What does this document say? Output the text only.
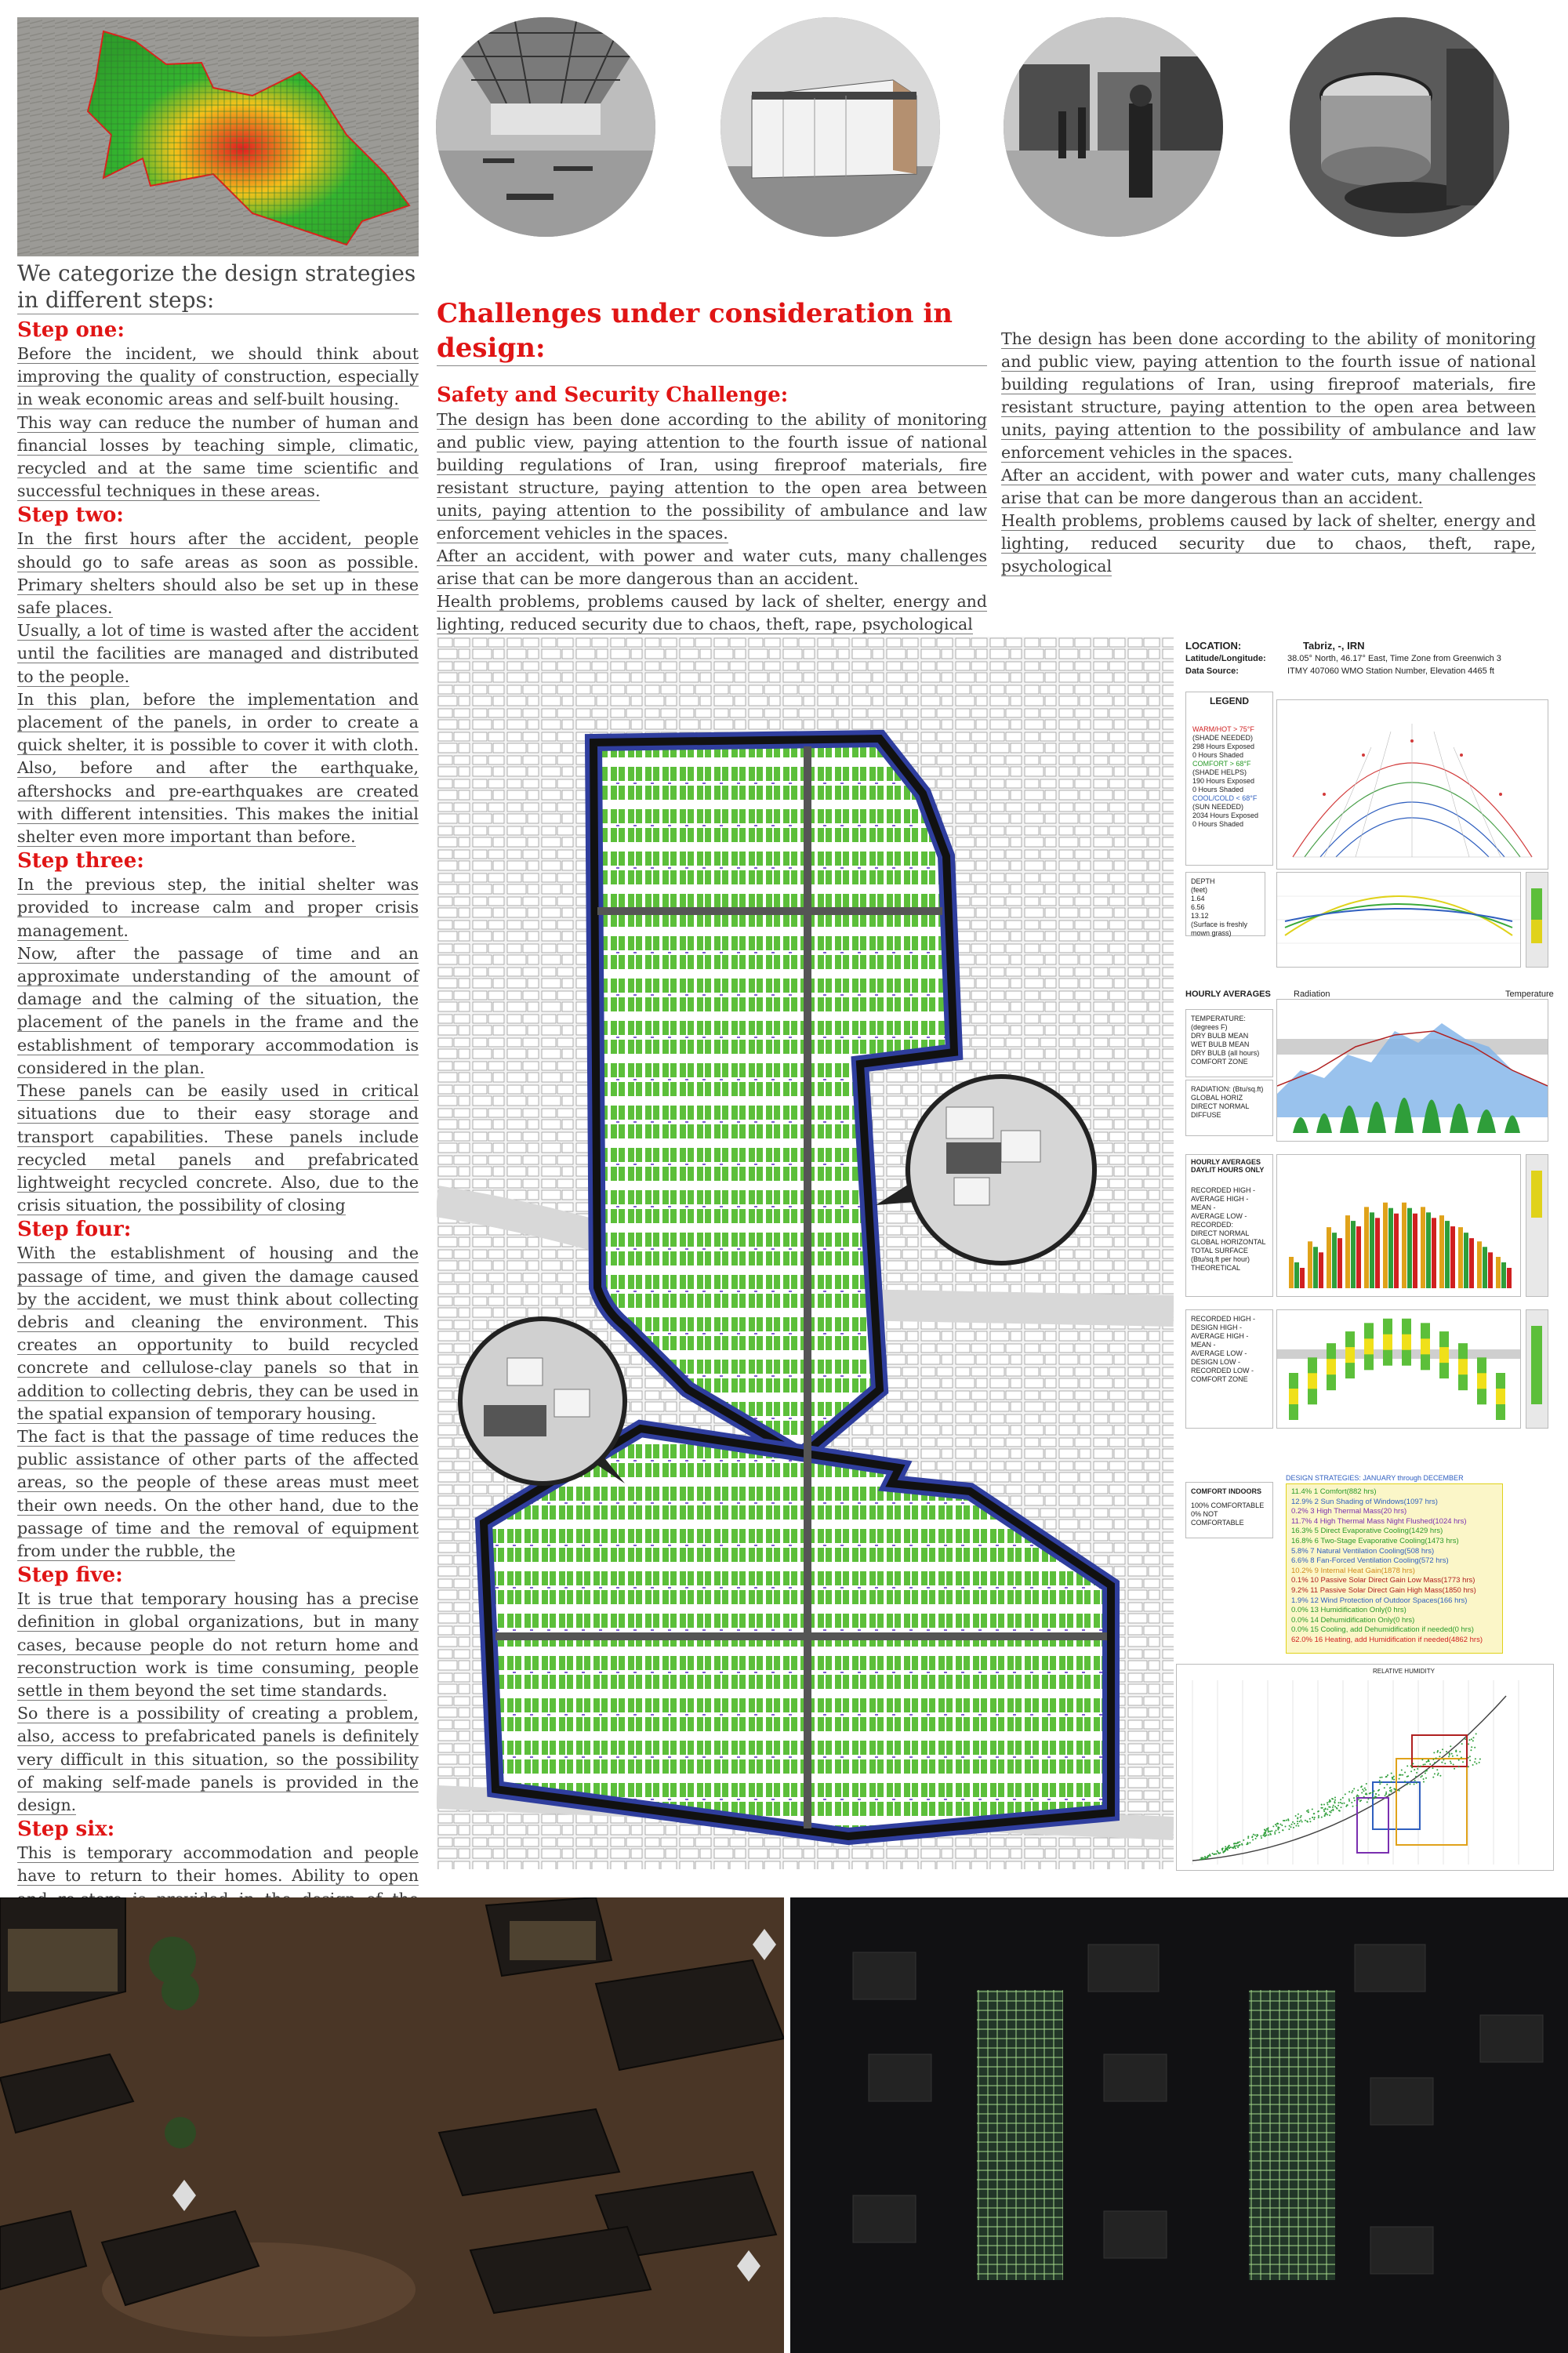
We categorize the design strategies in different steps:
Step one:

Before the incident, we should think about improving the quality of construction, especially in weak economic areas and self-built housing.

This way can reduce the number of human and financial losses by teaching simple, climatic, recycled and at the same time scientific and successful techniques in these areas.

Step two:

In the first hours after the accident, people should go to safe areas as soon as possible. Primary shelters should also be set up in these safe places.

Usually, a lot of time is wasted after the accident until the facilities are managed and distributed to the people.

In this plan, before the implementation and placement of the panels, in order to create a quick shelter, it is possible to cover it with cloth. Also, before and after the earthquake, aftershocks and pre-earthquakes are created with different intensities. This makes the initial shelter even more important than before.

Step three:

In the previous step, the initial shelter was provided to increase calm and proper crisis management.

Now, after the passage of time and an approximate understanding of the amount of damage and the calming of the situation, the placement of the panels in the frame and the establishment of temporary accommodation is considered in the plan.

These panels can be easily used in critical situations due to their easy storage and transport capabilities. These panels include recycled metal panels and prefabricated lightweight recycled concrete. Also, due to the crisis situation, the possibility of closing

Step four:

With the establishment of housing and the passage of time, and given the damage caused by the accident, we must think about collecting debris and cleaning the environment. This creates an opportunity to build recycled concrete and cellulose-clay panels so that in addition to collecting debris, they can be used in the spatial expansion of temporary housing.

The fact is that the passage of time reduces the public assistance of other parts of the affected areas, so the people of these areas must meet their own needs. On the other hand, due to the passage of time and the removal of equipment from under the rubble, the

Step five:

It is true that temporary housing has a precise definition in global organizations, but in many cases, because people do not return home and reconstruction work is time consuming, people settle in them beyond the set time standards.

So there is a possibility of creating a problem, also, access to prefabricated panels is definitely very difficult in this situation, so the possibility of making self-made panels is provided in the design.

Step six:

This is temporary accommodation and people have to return to their homes. Ability to open

Challenges under consideration in design:
Safety and Security Challenge:

The design has been done according to the ability of monitoring and public view, paying attention to the fourth issue of national building regulations of Iran, using fireproof materials, fire resistant structure, paying attention to the open area between units, paying attention to the possibility of ambulance and law enforcement vehicles in the spaces.

After an accident, with power and water cuts, many challenges arise that can be more dangerous than an accident.

Health problems, problems caused by lack of shelter, energy and lighting, reduced security due to chaos, theft, rape, psychological

The design has been done according to the ability of monitoring and public view, paying attention to the fourth issue of national building regulations of Iran, using fireproof materials, fire resistant structure, paying attention to the open area between units, paying attention to the possibility of ambulance and law enforcement vehicles in the spaces.

After an accident, with power and water cuts, many challenges arise that can be more dangerous than an accident.

Health problems, problems caused by lack of shelter, energy and lighting, reduced security due to chaos, theft, rape, psychological

LOCATION:	Tabriz, -, IRN
Latitude/Longitude: 38.05° North, 46.17° East, Time Zone from Greenwich 3
Data Source:	ITMY 407060 WMO Station Number, Elevation 4465 ft
LEGEND
WARM/HOT > 75°F
(SHADE NEEDED)
298 Hours Exposed
0 Hours Shaded
COMFORT > 68°F
(SHADE HELPS)
190 Hours Exposed
0 Hours Shaded
COOL/COLD < 68°F
(SUN NEEDED)
2034 Hours Exposed
0 Hours Shaded
DEPTH
(feet)
1.64
6.56
13.12
(Surface is freshly mown grass)
HOURLY AVERAGES	Radiation	Temperature
TEMPERATURE: (degrees F)
DRY BULB MEAN
WET BULB MEAN
DRY BULB (all hours)
COMFORT ZONE
RADIATION: (Btu/sq.ft)
GLOBAL HORIZ
DIRECT NORMAL
DIFFUSE
HOURLY AVERAGES DAYLIT HOURS ONLY
RECORDED HIGH -
AVERAGE HIGH -
MEAN -
AVERAGE LOW -
RECORDED:
DIRECT NORMAL
GLOBAL HORIZONTAL
TOTAL SURFACE
(Btu/sq.ft per hour)
THEORETICAL
RECORDED HIGH -
DESIGN HIGH -
AVERAGE HIGH -
MEAN -
AVERAGE LOW -
DESIGN LOW -
RECORDED LOW -
COMFORT ZONE
COMFORT INDOORS
100% COMFORTABLE
0% NOT COMFORTABLE
DESIGN STRATEGIES: JANUARY through DECEMBER
11.4% 1 Comfort(882 hrs)
12.9% 2 Sun Shading of Windows(1097 hrs)
0.2% 3 High Thermal Mass(20 hrs)
11.7% 4 High Thermal Mass Night Flushed(1024 hrs)
16.3% 5 Direct Evaporative Cooling(1429 hrs)
16.8% 6 Two-Stage Evaporative Cooling(1473 hrs)
5.8% 7 Natural Ventilation Cooling(508 hrs)
6.6% 8 Fan-Forced Ventilation Cooling(572 hrs)
10.2% 9 Internal Heat Gain(1878 hrs)
0.1% 10 Passive Solar Direct Gain Low Mass(1773 hrs)
9.2% 11 Passive Solar Direct Gain High Mass(1850 hrs)
1.9% 12 Wind Protection of Outdoor Spaces(166 hrs)
0.0% 13 Humidification Only(0 hrs)
0.0% 14 Dehumidification Only(0 hrs)
0.0% 15 Cooling, add Dehumidification if needed(0 hrs)
62.0% 16 Heating, add Humidification if needed(4862 hrs)
RELATIVE HUMIDITY
